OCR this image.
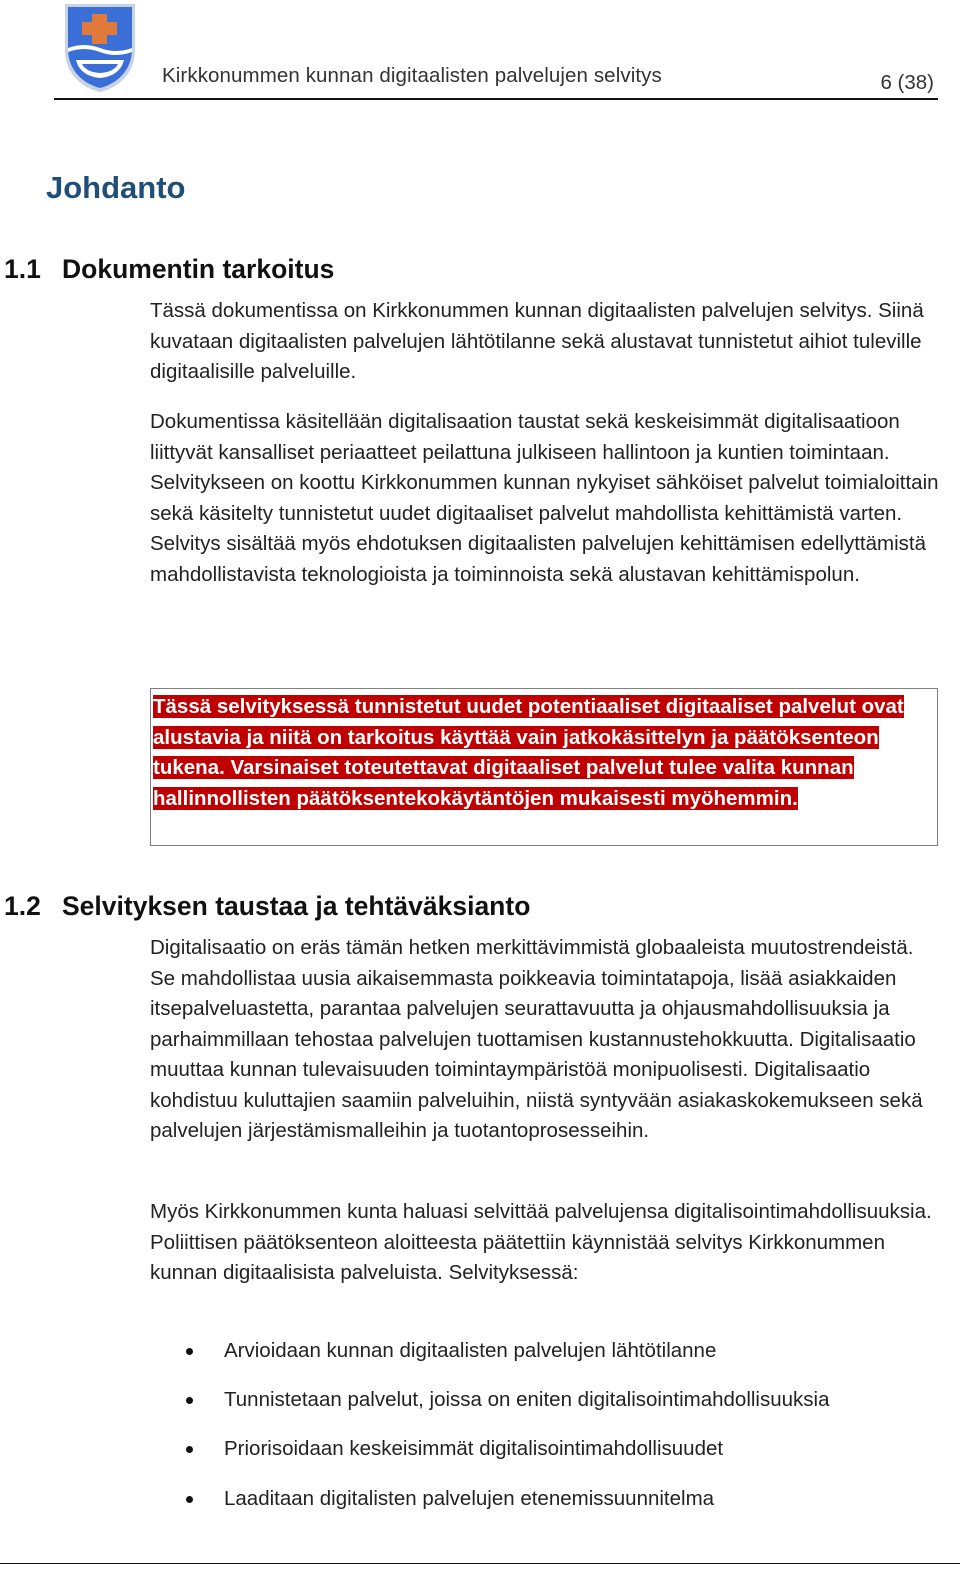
Kirkkonummen kunnan digitaalisten palvelujen selvitys	6 (38)
Johdanto
1.1 Dokumentin tarkoitus

Tässä dokumentissa on Kirkkonummen kunnan digitaalisten palvelujen selvitys. Siinä kuvataan digitaalisten palvelujen lähtötilanne sekä alustavat tunnistetut aihiot tuleville digitaalisille palveluille.

Dokumentissa käsitellään digitalisaation taustat sekä keskeisimmät digitalisaatioon liittyvät kansalliset periaatteet peilattuna julkiseen hallintoon ja kuntien toimintaan. Selvitykseen on koottu Kirkkonummen kunnan nykyiset sähköiset palvelut toimialoittain sekä käsitelty tunnistetut uudet digitaaliset palvelut mahdollista kehittämistä varten. Selvitys sisältää myös ehdotuksen digitaalisten palvelujen kehittämisen edellyttämistä mahdollistavista teknologioista ja toiminnoista sekä alustavan kehittämispolun.

Tässä selvityksessä tunnistetut uudet potentiaaliset digitaaliset palvelut ovat alustavia ja niitä on tarkoitus käyttää vain jatkokäsittelyn ja päätöksenteon tukena. Varsinaiset toteutettavat digitaaliset palvelut tulee valita kunnan hallinnollisten päätöksentekokäytäntöjen mukaisesti myöhemmin.

1.2 Selvityksen taustaa ja tehtäväksianto

Digitalisaatio on eräs tämän hetken merkittävimmistä globaaleista muutostrendeistä. Se mahdollistaa uusia aikaisemmasta poikkeavia toimintatapoja, lisää asiakkaiden itsepalveluastetta, parantaa palvelujen seurattavuutta ja ohjausmahdollisuuksia ja parhaimmillaan tehostaa palvelujen tuottamisen kustannustehokkuutta. Digitalisaatio muuttaa kunnan tulevaisuuden toimintaympäristöä monipuolisesti. Digitalisaatio kohdistuu kuluttajien saamiin palveluihin, niistä syntyvään asiakaskokemukseen sekä palvelujen järjestämismalleihin ja tuotantoprosesseihin.

Myös Kirkkonummen kunta haluasi selvittää palvelujensa digitalisointimahdollisuuksia. Poliittisen päätöksenteon aloitteesta päätettiin käynnistää selvitys Kirkkonummen kunnan digitaalisista palveluista. Selvityksessä:

Arvioidaan kunnan digitaalisten palvelujen lähtötilanne
Tunnistetaan palvelut, joissa on eniten digitalisointimahdollisuuksia
Priorisoidaan keskeisimmät digitalisointimahdollisuudet
Laaditaan digitalisten palvelujen etenemissuunnitelma
